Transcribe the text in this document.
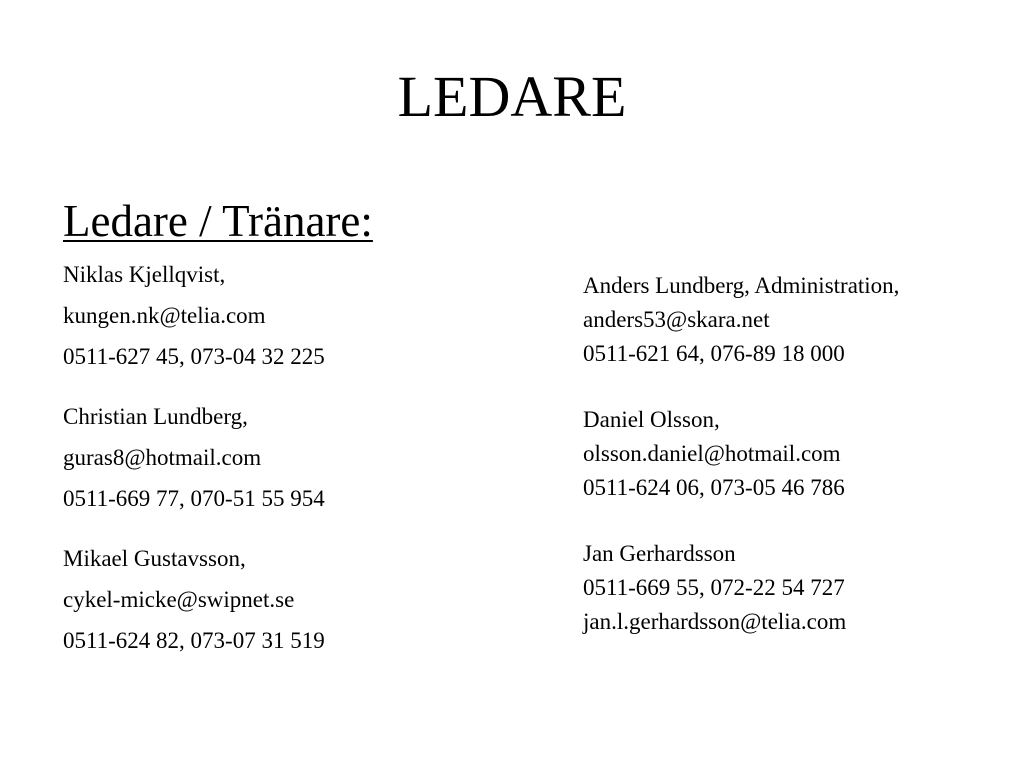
LEDARE
Ledare / Tränare:
Niklas Kjellqvist,
kungen.nk@telia.com
0511-627 45, 073-04 32 225
Christian Lundberg,
guras8@hotmail.com
0511-669 77, 070-51 55 954
Mikael Gustavsson,
cykel-micke@swipnet.se
0511-624 82, 073-07 31 519
Anders Lundberg, Administration,
anders53@skara.net
0511-621 64, 076-89 18 000
Daniel Olsson,
olsson.daniel@hotmail.com
0511-624 06, 073-05 46 786
Jan Gerhardsson
0511-669 55, 072-22 54 727
jan.l.gerhardsson@telia.com
